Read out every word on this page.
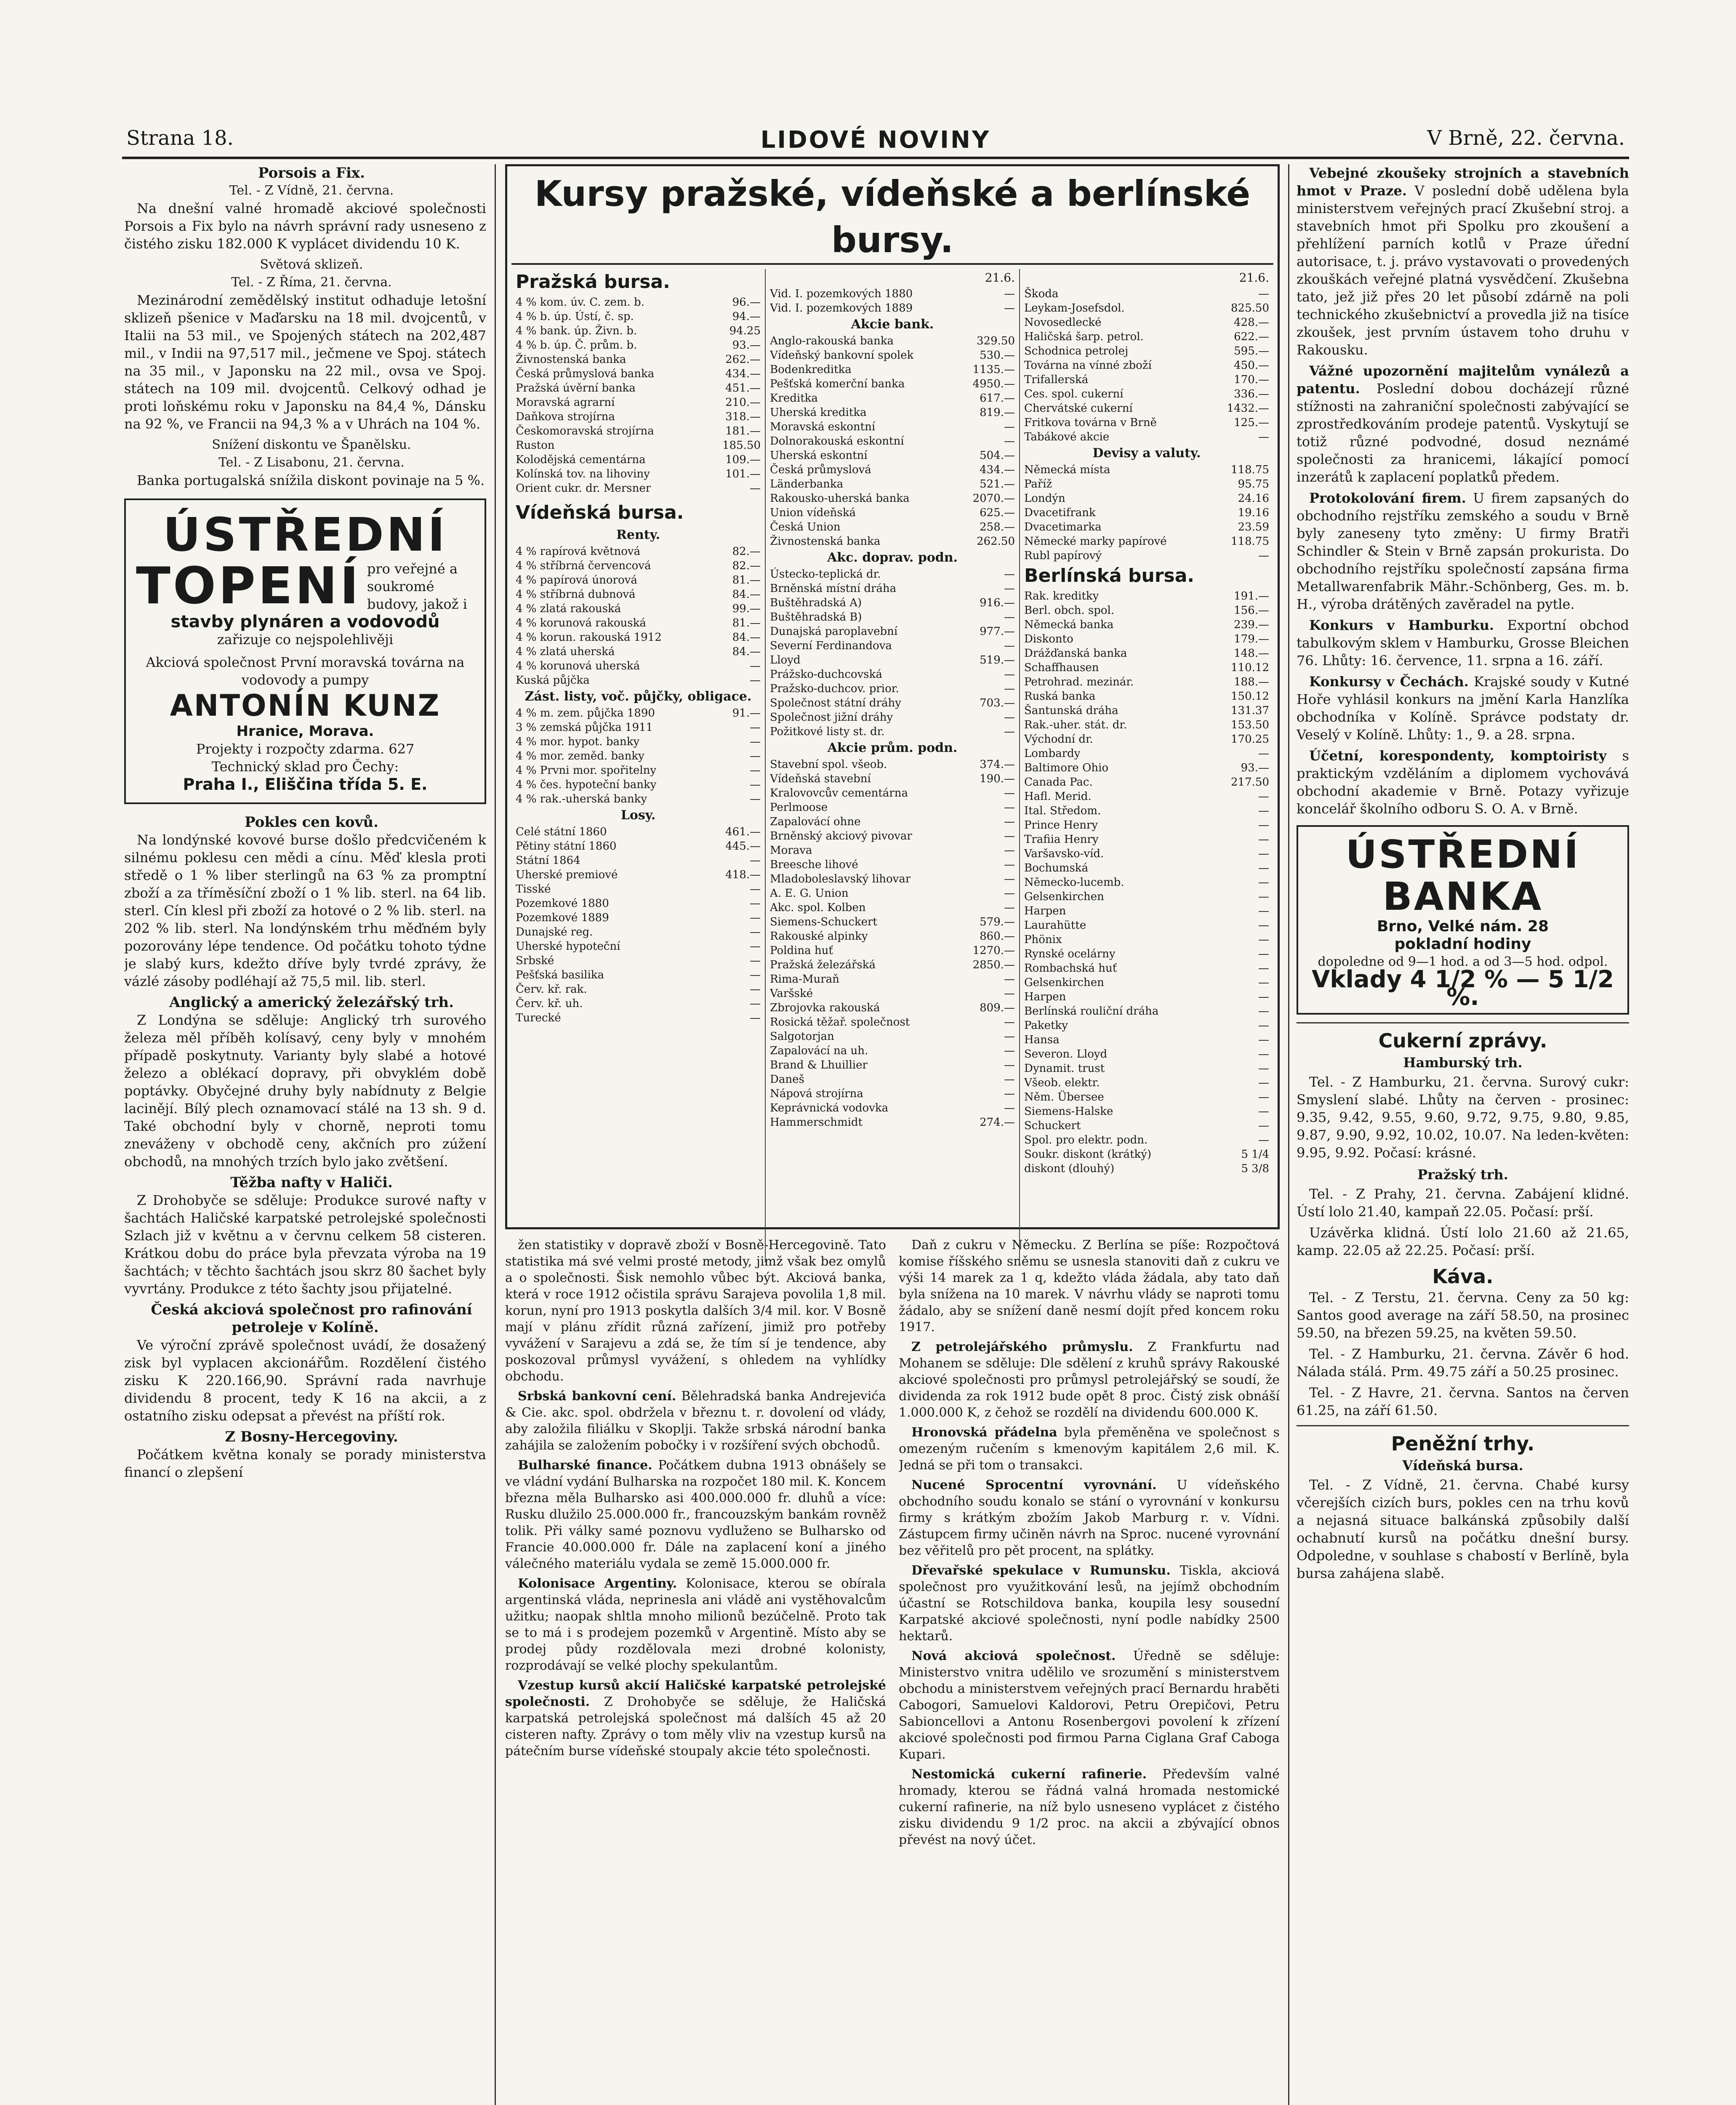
Strana 18.	LIDOVÉ NOVINY	V Brně, 22. června.

Porsois a Fix.

Tel. - Z Vídně, 21. června.

Na dnešní valné hromadě akciové společnosti Porsois a Fix bylo na návrh správní rady usneseno z čistého zisku 182.000 K vyplácet dividendu 10 K.

Světová sklizeň.

Tel. - Z Říma, 21. června.

Mezinárodní zemědělský institut odhaduje letošní sklizeň pšenice v Maďarsku na 18 mil. dvojcentů, v Italii na 53 mil., ve Spojených státech na 202,487 mil., v Indii na 97,517 mil., ječmene ve Spoj. státech na 35 mil., v Japonsku na 22 mil., ovsa ve Spoj. státech na 109 mil. dvojcentů. Celkový odhad je proti loňskému roku v Japonsku na 84,4 %, Dánsku na 92 %, ve Francii na 94,3 % a v Uhrách na 104 %.

Snížení diskontu ve Španělsku.

Tel. - Z Lisabonu, 21. června.

Banka portugalská snížila diskont povinaje na 5 %.

ÚSTŘEDNÍ
TOPENÍ pro veřejné a soukromé budovy, jakož i
stavby plynáren a vodovodů
zařizuje co nejspolehlivěji
Akciová společnost První moravská továrna na vodovody a pumpy
ANTONÍN KUNZ
Hranice, Morava.
Projekty i rozpočty zdarma. 627
Technický sklad pro Čechy:
Praha I., Eliščina třída 5. E.

Pokles cen kovů.

Na londýnské kovové burse došlo předcvičeném k silnému poklesu cen mědi a cínu. Měď klesla proti středě o 1 % liber sterlingů na 63 % za promptní zboží a za tříměsíční zboží o 1 % lib. sterl. na 64 lib. sterl. Cín klesl při zboží za hotové o 2 % lib. sterl. na 202 % lib. sterl. Na londýnském trhu měďném byly pozorovány lépe tendence. Od počátku tohoto týdne je slabý kurs, kdežto dříve byly tvrdé zprávy, že vázlé zásoby podléhají až 75,5 mil. lib. sterl.

Anglický a americký železářský trh.

Z Londýna se sděluje: Anglický trh surového železa měl příběh kolísavý, ceny byly v mnohém případě poskytnuty. Varianty byly slabé a hotové železo a oblékací dopravy, při obvyklém době poptávky. Obyčejné druhy byly nabídnuty z Belgie lacinějí. Bílý plech oznamovací stálé na 13 sh. 9 d. Také obchodní byly v chorně, neproti tomu zneváženy v obchodě ceny, akčních pro zúžení obchodů, na mnohých trzích bylo jako zvětšení.

Těžba nafty v Haliči.

Z Drohobyče se sděluje: Produkce surové nafty v šachtách Haličské karpatské petrolejské společnosti Szlach již v květnu a v červnu celkem 58 cisteren. Krátkou dobu do práce byla převzata výroba na 19 šachtách; v těchto šachtách jsou skrz 80 šachet byly vyvrtány. Produkce z této šachty jsou přijatelné.

Česká akciová společnost pro rafinování petroleje v Kolíně.

Ve výroční zprávě společnost uvádí, že dosažený zisk byl vyplacen akcionářům. Rozdělení čistého zisku K 220.166,90. Správní rada navrhuje dividendu 8 procent, tedy K 16 na akcii, a z ostatního zisku odepsat a převést na příští rok.

Z Bosny-Hercegoviny.

Počátkem května konaly se porady ministerstva financí o zlepšení

Kursy pražské, vídeňské a berlínské bursy.
Pražská bursa.
4 % kom. úv. C. zem. b.	96.—
4 % b. úp. Ústí, č. sp.	94.—
4 % bank. úp. Živn. b.	94.25
4 % b. úp. Č. prům. b.	93.—
Živnostenská banka	262.—
Česká průmyslová banka	434.—
Pražská úvěrní banka	451.—
Moravská agrarní	210.—
Daňkova strojírna	318.—
Českomoravská strojírna	181.—
Ruston	185.50
Kolodějská cementárna	109.—
Kolínská tov. na lihoviny	101.—
Orient cukr. dr. Mersner	—
Vídeňská bursa.
Renty.
4 % rapírová květnová	82.—
4 % stříbrná červencová	82.—
4 % papírová únorová	81.—
4 % stříbrná dubnová	84.—
4 % zlatá rakouská	99.—
4 % korunová rakouská	81.—
4 % korun. rakouská 1912	84.—
4 % zlatá uherská	84.—
4 % korunová uherská	—
Kuská půjčka	—
Zást. listy, voč. půjčky, obligace.
4 % m. zem. půjčka 1890	91.—
3 % zemská půjčka 1911	—
4 % mor. hypot. banky	—
4 % mor. zeměd. banky	—
4 % Prvni mor. spořitelny	—
4 % čes. hypoteční banky	—
4 % rak.-uherská banky	—
Losy.
Celé státní 1860	461.—
Pětiny státní 1860	445.—
Státní 1864	—
Uherské premiové	418.—
Tisské	—
Pozemkové 1880	—
Pozemkové 1889	—
Dunajské reg.	—
Uherské hypoteční	—
Srbské	—
Pešťská basilika	—
Červ. kř. rak.	—
Červ. kř. uh.	—
Turecké	—
21.6.
Vid. I. pozemkových 1880	—
Vid. I. pozemkových 1889	—
Akcie bank.
Anglo-rakouská banka	329.50
Vídeňský bankovní spolek	530.—
Bodenkreditka	1135.—
Pešťská komerční banka	4950.—
Kreditka	617.—
Uherská kreditka	819.—
Moravská eskontní	—
Dolnorakouská eskontní	—
Uherská eskontní	504.—
Česká průmyslová	434.—
Länderbanka	521.—
Rakousko-uherská banka	2070.—
Union vídeňská	625.—
Česká Union	258.—
Živnostenská banka	262.50
Akc. doprav. podn.
Ústecko-teplická dr.	—
Brněnská místní dráha	—
Buštěhradská A)	916.—
Buštěhradská B)	—
Dunajská paroplavební	977.—
Severní Ferdinandova	—
Lloyd	519.—
Prážsko-duchcovská	—
Pražsko-duchcov. prior.	—
Společnost státní dráhy	703.—
Společnost jižní dráhy	—
Požitkové listy st. dr.	—
Akcie prům. podn.
Stavební spol. všeob.	374.—
Vídeňská stavební	190.—
Kralovovcův cementárna	—
Perlmoose	—
Zapalovácí ohne	—
Brněnský akciový pivovar	—
Morava	—
Breesche lihové	—
Mladoboleslavský lihovar	—
A. E. G. Union	—
Akc. spol. Kolben	—
Siemens-Schuckert	579.—
Rakouské alpinky	860.—
Poldina huť	1270.—
Pražská železářská	2850.—
Rima-Muraň	—
Varšské	—
Zbrojovka rakouská	809.—
Rosická těžař. společnost	—
Salgotorjan	—
Zapalovácí na uh.	—
Brand & Lhuillier	—
Daneš	—
Nápová strojírna	—
Keprávnická vodovka	—
Hammerschmidt	274.—
21.6.
Škoda	—
Leykam-Josefsdol.	825.50
Novosedlecké	428.—
Haličská šarp. petrol.	622.—
Schodnica petrolej	595.—
Továrna na vínné zboží	450.—
Trifallerská	170.—
Ces. spol. cukerní	336.—
Chervátské cukerní	1432.—
Fritkova továrna v Brně	125.—
Tabákové akcie	—
Devisy a valuty.
Německá místa	118.75
Paříž	95.75
Londýn	24.16
Dvacetifrank	19.16
Dvacetimarka	23.59
Německé marky papírové	118.75
Rubl papírový	—
Berlínská bursa.
Rak. kreditky	191.—
Berl. obch. spol.	156.—
Německá banka	239.—
Diskonto	179.—
Drážďanská banka	148.—
Schaffhausen	110.12
Petrohrad. mezinár.	188.—
Ruská banka	150.12
Šantunská dráha	131.37
Rak.-uher. stát. dr.	153.50
Východní dr.	170.25
Lombardy	—
Baltimore Ohio	93.—
Canada Pac.	217.50
Hafl. Merid.	—
Ital. Středom.	—
Prince Henry	—
Trafiia Henry	—
Varšavsko-víd.	—
Bochumská	—
Německo-lucemb.	—
Gelsenkirchen	—
Harpen	—
Laurahütte	—
Phönix	—
Rynské ocelárny	—
Rombachská huť	—
Gelsenkirchen	—
Harpen	—
Berlínská rouliční dráha	—
Paketky	—
Hansa	—
Severon. Lloyd	—
Dynamit. trust	—
Všeob. elektr.	—
Něm. Übersee	—
Siemens-Halske	—
Schuckert	—
Spol. pro elektr. podn.	—
Soukr. diskont (krátký)	5 1/4
diskont (dlouhý)	5 3/8

žen statistiky v dopravě zboží v Bosně-Hercegovině. Tato statistika má své velmi prosté metody, jimž však bez omylů a o společnosti. Šisk nemohlo vůbec být. Akciová banka, která v roce 1912 očistila správu Sarajeva povolila 1,8 mil. korun, nyní pro 1913 poskytla dalších 3/4 mil. kor. V Bosně mají v plánu zřídit různá zařízení, jimiž pro potřeby vyvážení v Sarajevu a zdá se, že tím sí je tendence, aby poskozoval průmysl vyvážení, s ohledem na vyhlídky obchodu.

Srbská bankovní cení. Bělehradská banka Andrejevića & Cie. akc. spol. obdržela v březnu t. r. dovolení od vlády, aby založila filiálku v Skoplji. Takže srbská národní banka zahájila se založením pobočky i v rozšíření svých obchodů.

Bulharské finance. Počátkem dubna 1913 obnášely se ve vládní vydání Bulharska na rozpočet 180 mil. K. Koncem března měla Bulharsko asi 400.000.000 fr. dluhů a více: Rusku dlužilo 25.000.000 fr., francouzským bankám rovněž tolik. Při války samé poznovu vydluženo se Bulharsko od Francie 40.000.000 fr. Dále na zaplacení koní a jiného válečného materiálu vydala se země 15.000.000 fr.

Kolonisace Argentiny. Kolonisace, kterou se obírala argentinská vláda, neprinesla ani vládě ani vystěhovalcům užitku; naopak shltla mnoho milionů bezúčelně. Proto tak se to má i s prodejem pozemků v Argentině. Místo aby se prodej půdy rozdělovala mezi drobné kolonisty, rozprodávají se velké plochy spekulantům.

Vzestup kursů akcií Haličské karpatské petrolejské společnosti. Z Drohobyče se sděluje, že Haličská karpatská petrolejská společnost má dalších 45 až 20 cisteren nafty. Zprávy o tom měly vliv na vzestup kursů na pátečním burse vídeňské stoupaly akcie této společnosti.

Daň z cukru v Německu. Z Berlína se píše: Rozpočtová komise říšského sněmu se usnesla stanoviti daň z cukru ve výši 14 marek za 1 q, kdežto vláda žádala, aby tato daň byla snížena na 10 marek. V návrhu vlády se naproti tomu žádalo, aby se snížení daně nesmí dojít před koncem roku 1917.

Z petrolejářského průmyslu. Z Frankfurtu nad Mohanem se sděluje: Dle sdělení z kruhů správy Rakouské akciové společnosti pro průmysl petrolejářský se soudí, že dividenda za rok 1912 bude opět 8 proc. Čistý zisk obnáší 1.000.000 K, z čehož se rozdělí na dividendu 600.000 K.

Hronovská přádelna byla přeměněna ve společnost s omezeným ručením s kmenovým kapitálem 2,6 mil. K. Jedná se při tom o transakci.

Nucené Sprocentní vyrovnání. U vídeňského obchodního soudu konalo se stání o vyrovnání v konkursu firmy s krátkým zbožím Jakob Marburg r. v. Vídni. Zástupcem firmy učiněn návrh na Sproc. nucené vyrovnání bez věřitelů pro pět procent, na splátky.

Dřevařské spekulace v Rumunsku. Tiskla, akciová společnost pro využitkování lesů, na jejímž obchodním účastní se Rotschildova banka, koupila lesy sousední Karpatské akciové společnosti, nyní podle nabídky 2500 hektarů.

Nová akciová společnost. Úředně se sděluje: Ministerstvo vnitra udělilo ve srozumění s ministerstvem obchodu a ministerstvem veřejných prací Bernardu hraběti Cabogori, Samuelovi Kaldorovi, Petru Orepičovi, Petru Sabioncellovi a Antonu Rosenbergovi povolení k zřízení akciové společnosti pod firmou Parna Ciglana Graf Caboga Kupari.

Nestomická cukerní rafinerie. Především valné hromady, kterou se řádná valná hromada nestomické cukerní rafinerie, na níž bylo usneseno vyplácet z čistého zisku dividendu 9 1/2 proc. na akcii a zbývající obnos převést na nový účet.

Vebejné zkoušeky strojních a stavebních hmot v Praze. V poslední době udělena byla ministerstvem veřejných prací Zkušební stroj. a stavebních hmot při Spolku pro zkoušení a přehlížení parních kotlů v Praze úřední autorisace, t. j. právo vystavovati o provedených zkouškách veřejné platná vysvědčení. Zkušebna tato, jež již přes 20 let působí zdárně na poli technického zkušebnictví a provedla již na tisíce zkoušek, jest prvním ústavem toho druhu v Rakousku.

Vážné upozornění majitelům vynálezů a patentu. Poslední dobou docházejí různé stížnosti na zahraniční společnosti zabývající se zprostředkováním prodeje patentů. Vyskytují se totiž různé podvodné, dosud neznámé společnosti za hranicemi, lákající pomocí inzerátů k zaplacení poplatků předem.

Protokolování firem. U firem zapsaných do obchodního rejstříku zemského a soudu v Brně byly zaneseny tyto změny: U firmy Bratři Schindler & Stein v Brně zapsán prokurista. Do obchodního rejstříku společností zapsána firma Metallwarenfabrik Mähr.-Schönberg, Ges. m. b. H., výroba drátěných zavěradel na pytle.

Konkurs v Hamburku. Exportní obchod tabulkovým sklem v Hamburku, Grosse Bleichen 76. Lhůty: 16. července, 11. srpna a 16. září.

Konkursy v Čechách. Krajské soudy v Kutné Hoře vyhlásil konkurs na jmění Karla Hanzlíka obchodníka v Kolíně. Správce podstaty dr. Veselý v Kolíně. Lhůty: 1., 9. a 28. srpna.

Účetní, korespondenty, komptoiristy s praktickým vzděláním a diplomem vychovává obchodní akademie v Brně. Potazy vyřizuje koncelář školního odboru S. O. A. v Brně.

ÚSTŘEDNÍ BANKA
Brno, Velké nám. 28
pokladní hodiny
dopoledne od 9—1 hod. a od 3—5 hod. odpol.
Vklady 4 1/2 % — 5 1/2 %.
Cukerní zprávy.
Hamburský trh.

Tel. - Z Hamburku, 21. června. Surový cukr: Smyslení slabé. Lhůty na červen - prosinec: 9.35, 9.42, 9.55, 9.60, 9.72, 9.75, 9.80, 9.85, 9.87, 9.90, 9.92, 10.02, 10.07. Na leden-květen: 9.95, 9.92. Počasí: krásné.

Pražský trh.

Tel. - Z Prahy, 21. června. Zabájení klidné. Ústí lolo 21.40, kampaň 22.05. Počasí: prší.

Uzávěrka klidná. Ústí lolo 21.60 až 21.65, kamp. 22.05 až 22.25. Počasí: prší.

Káva.

Tel. - Z Terstu, 21. června. Ceny za 50 kg: Santos good average na září 58.50, na prosinec 59.50, na březen 59.25, na květen 59.50.

Tel. - Z Hamburku, 21. června. Závěr 6 hod. Nálada stálá. Prm. 49.75 září a 50.25 prosinec.

Tel. - Z Havre, 21. června. Santos na červen 61.25, na září 61.50.

Peněžní trhy.
Vídeňská bursa.

Tel. - Z Vídně, 21. června. Chabé kursy včerejších cizích burs, pokles cen na trhu kovů a nejasná situace balkánská způsobily další ochabnutí kursů na počátku dnešní bursy. Odpoledne, v souhlase s chabostí v Berlíně, byla bursa zahájena slabě.
